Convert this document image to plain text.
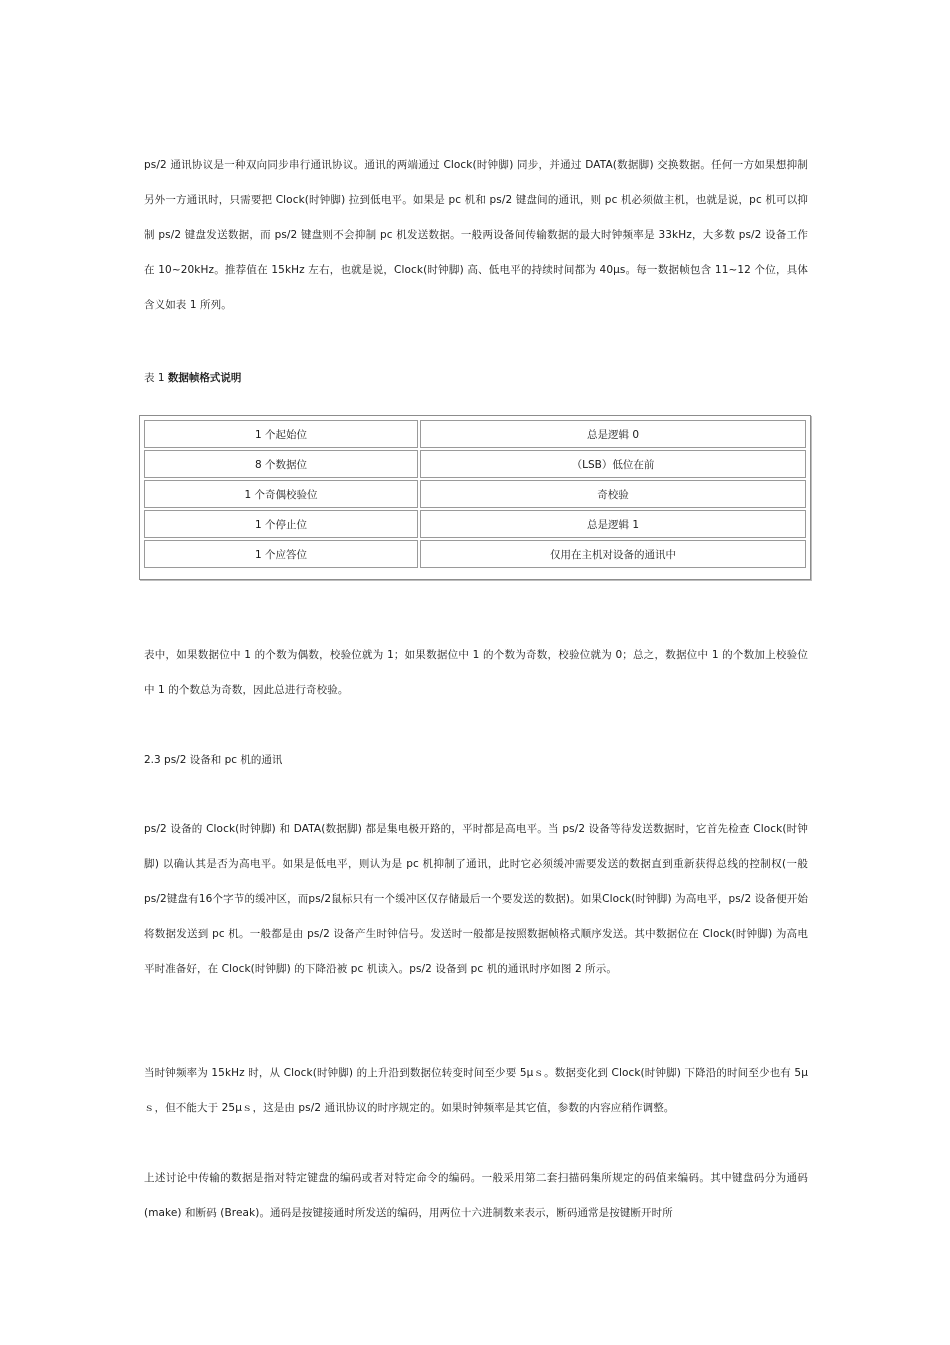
ps/2 通讯协议是一种双向同步串行通讯协议。通讯的两端通过 Clock(时钟脚) 同步，并通过 DATA(数据脚) 交换数据。任何一方如果想抑制另外一方通讯时，只需要把 Clock(时钟脚) 拉到低电平。如果是 pc 机和 ps/2 键盘间的通讯，则 pc 机必须做主机，也就是说，pc 机可以抑制 ps/2 键盘发送数据，而 ps/2 键盘则不会抑制 pc 机发送数据。一般两设备间传输数据的最大时钟频率是 33kHz，大多数 ps/2 设备工作在 10~20kHz。推荐值在 15kHz 左右，也就是说，Clock(时钟脚) 高、低电平的持续时间都为 40μs。每一数据帧包含 11~12 个位，具体含义如表 1 所列。

表 1 数据帧格式说明

1 个起始位	总是逻辑 0
8 个数据位	（LSB）低位在前
1 个奇偶校验位	奇校验
1 个停止位	总是逻辑 1
1 个应答位	仅用在主机对设备的通讯中

表中，如果数据位中 1 的个数为偶数，校验位就为 1；如果数据位中 1 的个数为奇数，校验位就为 0；总之，数据位中 1 的个数加上校验位中 1 的个数总为奇数，因此总进行奇校验。

2.3 ps/2 设备和 pc 机的通讯

ps/2 设备的 Clock(时钟脚) 和 DATA(数据脚) 都是集电极开路的，平时都是高电平。当 ps/2 设备等待发送数据时，它首先检查 Clock(时钟脚) 以确认其是否为高电平。如果是低电平，则认为是 pc 机抑制了通讯，此时它必须缓冲需要发送的数据直到重新获得总线的控制权(一般ps/2键盘有16个字节的缓冲区，而ps/2鼠标只有一个缓冲区仅存储最后一个要发送的数据)。如果Clock(时钟脚) 为高电平，ps/2 设备便开始将数据发送到 pc 机。一般都是由 ps/2 设备产生时钟信号。发送时一般都是按照数据帧格式顺序发送。其中数据位在 Clock(时钟脚) 为高电平时准备好，在 Clock(时钟脚) 的下降沿被 pc 机读入。ps/2 设备到 pc 机的通讯时序如图 2 所示。

当时钟频率为 15kHz 时，从 Clock(时钟脚) 的上升沿到数据位转变时间至少要 5μｓ。数据变化到 Clock(时钟脚) 下降沿的时间至少也有 5μｓ，但不能大于 25μｓ，这是由 ps/2 通讯协议的时序规定的。如果时钟频率是其它值，参数的内容应稍作调整。

上述讨论中传输的数据是指对特定键盘的编码或者对特定命令的编码。一般采用第二套扫描码集所规定的码值来编码。其中键盘码分为通码(make) 和断码 (Break)。通码是按键接通时所发送的编码，用两位十六进制数来表示，断码通常是按键断开时所
